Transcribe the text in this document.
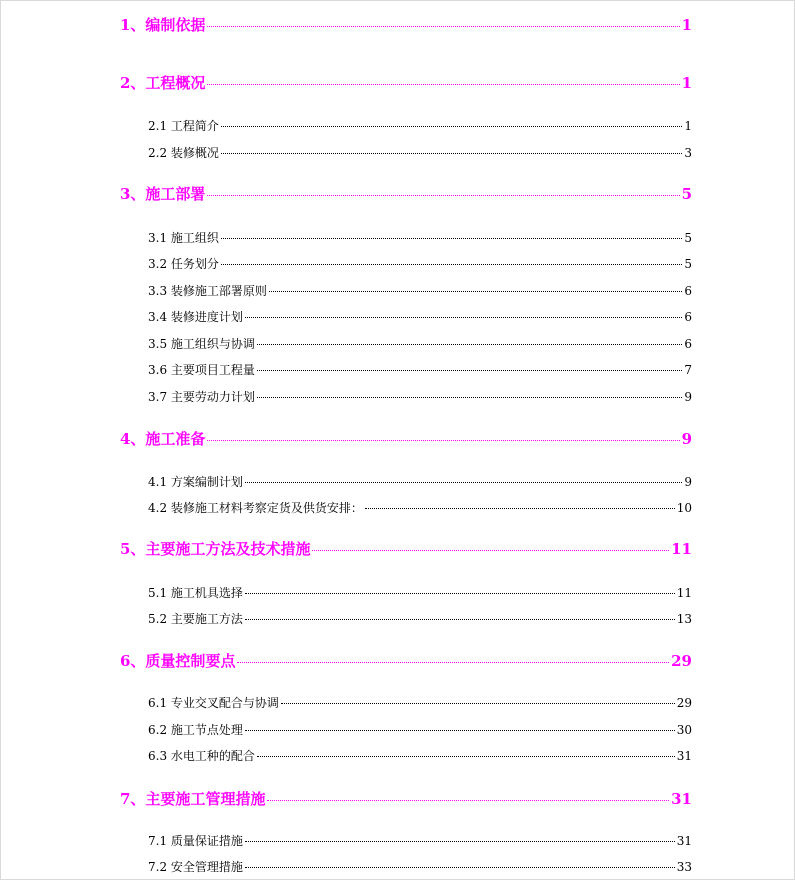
1、编制依据	1
2、工程概况	1
2.1 工程简介	1
2.2 装修概况	3
3、施工部署	5
3.1 施工组织	5
3.2 任务划分	5
3.3 装修施工部署原则	6
3.4 装修进度计划	6
3.5 施工组织与协调	6
3.6 主要项目工程量	7
3.7 主要劳动力计划	9
4、施工准备	9
4.1 方案编制计划	9
4.2 装修施工材料考察定货及供货安排：	10
5、主要施工方法及技术措施	11
5.1 施工机具选择	11
5.2 主要施工方法	13
6、质量控制要点	29
6.1 专业交叉配合与协调	29
6.2 施工节点处理	30
6.3 水电工种的配合	31
7、主要施工管理措施	31
7.1 质量保证措施	31
7.2 安全管理措施	33
